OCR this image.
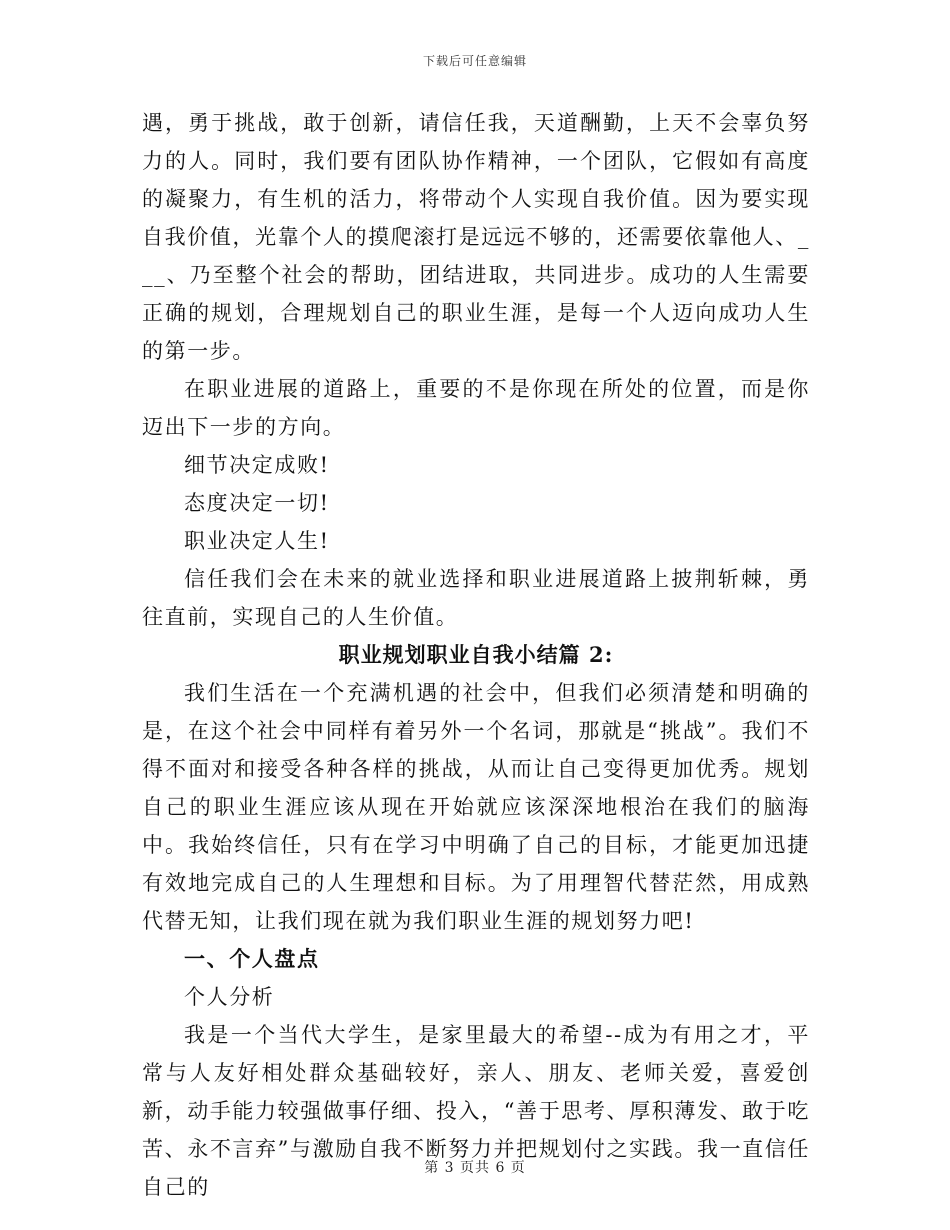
下载后可任意编辑

遇，勇于挑战，敢于创新，请信任我，天道酬勤，上天不会辜负努力的人。同时，我们要有团队协作精神，一个团队，它假如有高度的凝聚力，有生机的活力，将带动个人实现自我价值。因为要实现自我价值，光靠个人的摸爬滚打是远远不够的，还需要依靠他人、___、乃至整个社会的帮助，团结进取，共同进步。成功的人生需要正确的规划，合理规划自己的职业生涯，是每一个人迈向成功人生的第一步。

在职业进展的道路上，重要的不是你现在所处的位置，而是你迈出下一步的方向。

细节决定成败!

态度决定一切!

职业决定人生!

信任我们会在未来的就业选择和职业进展道路上披荆斩棘，勇往直前，实现自己的人生价值。

职业规划职业自我小结篇 2:

我们生活在一个充满机遇的社会中，但我们必须清楚和明确的是，在这个社会中同样有着另外一个名词，那就是“挑战”。我们不得不面对和接受各种各样的挑战，从而让自己变得更加优秀。规划自己的职业生涯应该从现在开始就应该深深地根治在我们的脑海中。我始终信任，只有在学习中明确了自己的目标，才能更加迅捷有效地完成自己的人生理想和目标。为了用理智代替茫然，用成熟代替无知，让我们现在就为我们职业生涯的规划努力吧!

一、个人盘点

个人分析

我是一个当代大学生，是家里最大的希望--成为有用之才，平常与人友好相处群众基础较好，亲人、朋友、老师关爱，喜爱创新，动手能力较强做事仔细、投入，“善于思考、厚积薄发、敢于吃苦、永不言弃”与激励自我不断努力并把规划付之实践。我一直信任自己的

第 3 页共 6 页
